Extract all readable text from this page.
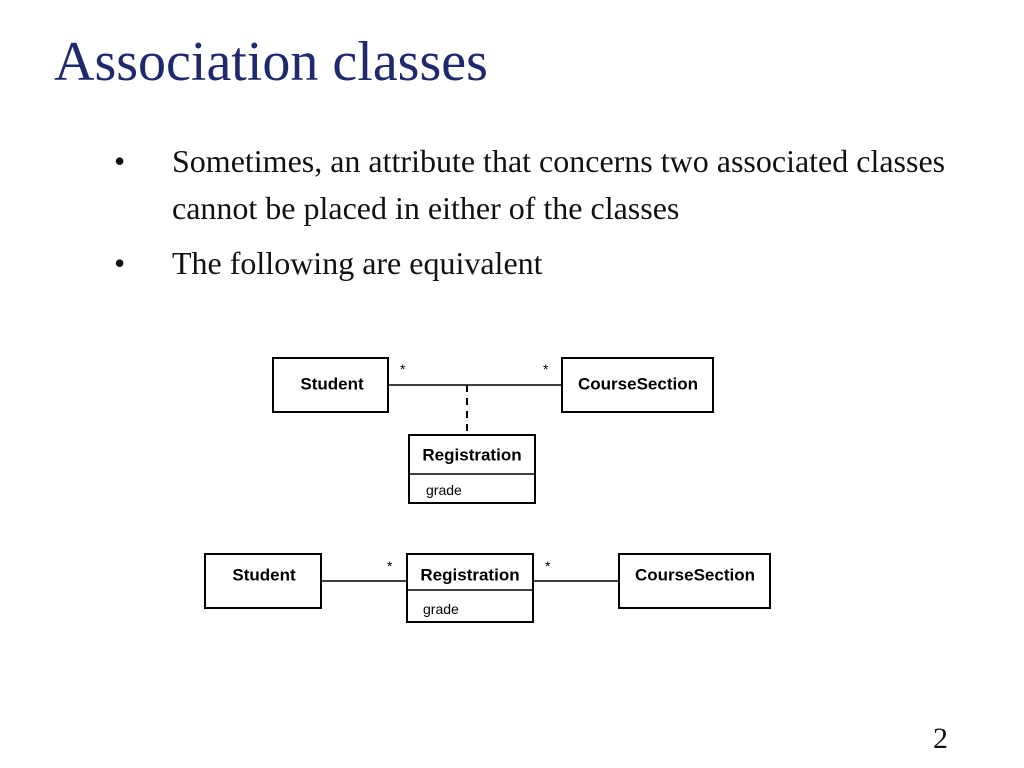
Association classes
• Sometimes, an attribute that concerns two associated classes cannot be placed in either of the classes
• The following are equivalent
Student	CourseSection
*	*
Registration
grade
Student	* Registration
grade
*	CourseSection
2
